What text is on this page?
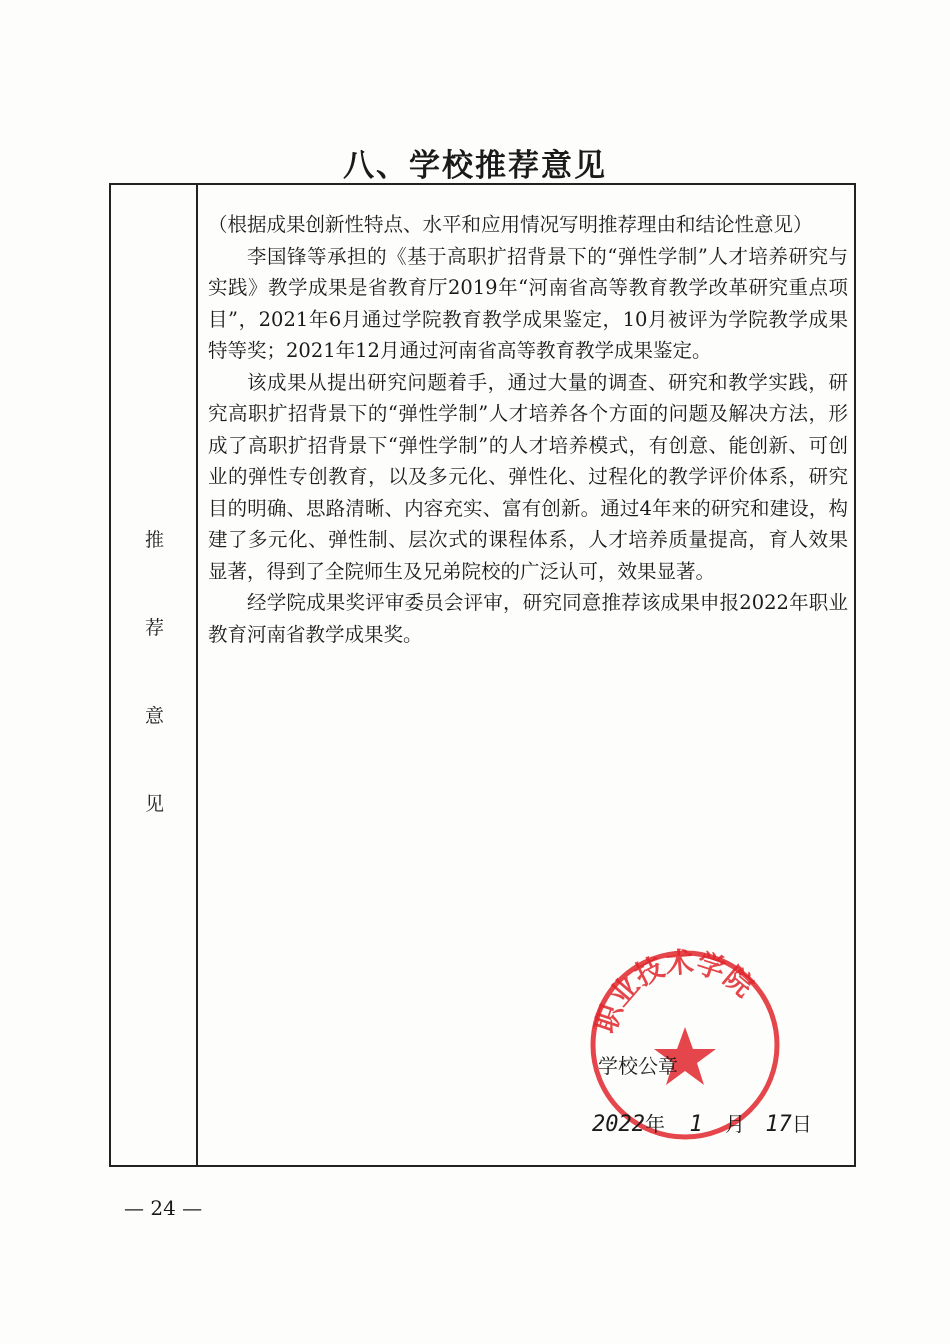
八、学校推荐意见
推
荐
意
见

（根据成果创新性特点、水平和应用情况写明推荐理由和结论性意见）

李国锋等承担的《基于高职扩招背景下的“弹性学制”人才培养研究与实践》教学成果是省教育厅2019年“河南省高等教育教学改革研究重点项目”，2021年6月通过学院教育教学成果鉴定，10月被评为学院教学成果特等奖；2021年12月通过河南省高等教育教学成果鉴定。

该成果从提出研究问题着手，通过大量的调查、研究和教学实践，研究高职扩招背景下的“弹性学制”人才培养各个方面的问题及解决方法，形成了高职扩招背景下“弹性学制”的人才培养模式，有创意、能创新、可创业的弹性专创教育，以及多元化、弹性化、过程化的教学评价体系，研究目的明确、思路清晰、内容充实、富有创新。通过4年来的研究和建设，构建了多元化、弹性制、层次式的课程体系，人才培养质量提高，育人效果显著，得到了全院师生及兄弟院校的广泛认可，效果显著。

经学院成果奖评审委员会评审，研究同意推荐该成果申报2022年职业教育河南省教学成果奖。

职业技术学院
学校公章
2022年 1 月 17日
— 24 —
